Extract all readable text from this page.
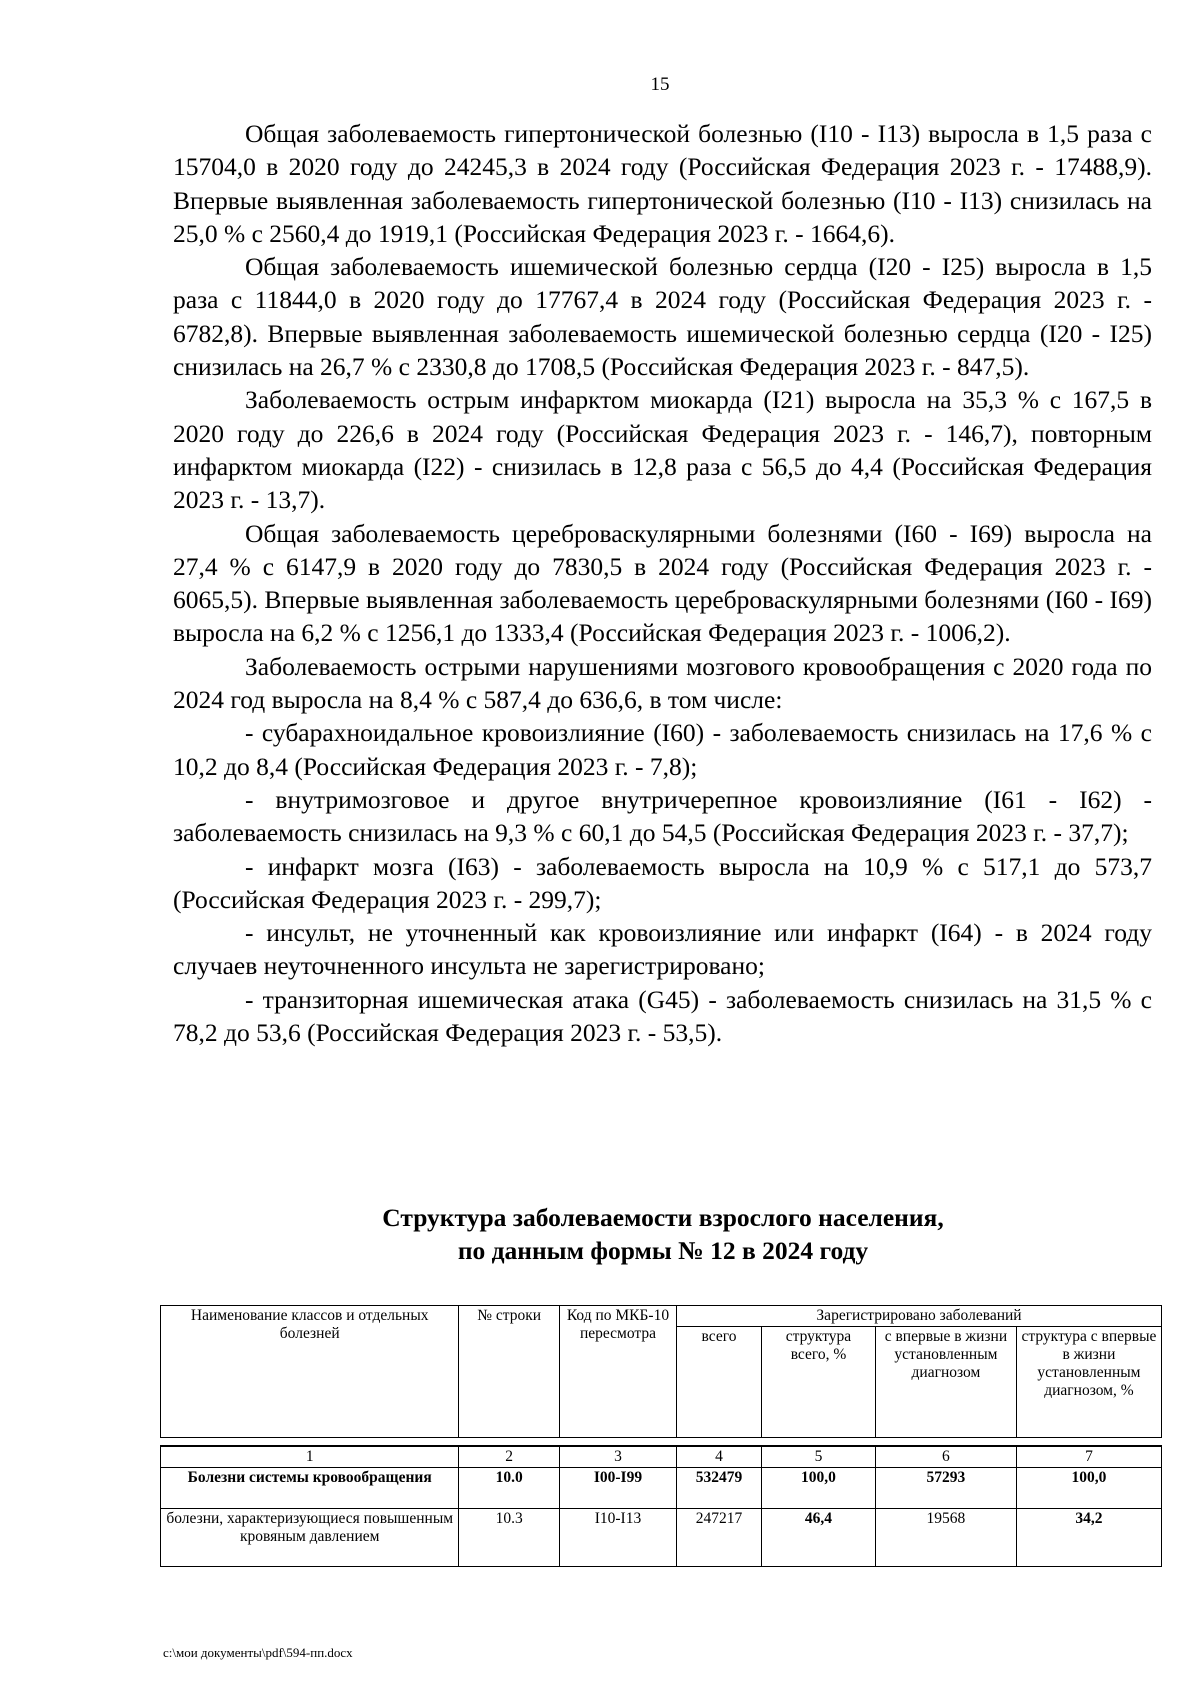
15

Общая заболеваемость гипертонической болезнью (I10 - I13) выросла в 1,5 раза с 15704,0 в 2020 году до 24245,3 в 2024 году (Российская Федерация 2023 г. - 17488,9). Впервые выявленная заболеваемость гипертонической болезнью (I10 - I13) снизилась на 25,0 % с 2560,4 до 1919,1 (Российская Федерация 2023 г. - 1664,6).

Общая заболеваемость ишемической болезнью сердца (I20 - I25) выросла в 1,5 раза с 11844,0 в 2020 году до 17767,4 в 2024 году (Российская Федерация 2023 г. - 6782,8). Впервые выявленная заболеваемость ишемической болезнью сердца (I20 - I25) снизилась на 26,7 % с 2330,8 до 1708,5 (Российская Федерация 2023 г. - 847,5).

Заболеваемость острым инфарктом миокарда (I21) выросла на 35,3 % с 167,5 в 2020 году до 226,6 в 2024 году (Российская Федерация 2023 г. - 146,7), повторным инфарктом миокарда (I22) - снизилась в 12,8 раза с 56,5 до 4,4 (Российская Федерация 2023 г. - 13,7).

Общая заболеваемость цереброваскулярными болезнями (I60 - I69) выросла на 27,4 % с 6147,9 в 2020 году до 7830,5 в 2024 году (Российская Федерация 2023 г. - 6065,5). Впервые выявленная заболеваемость цереброваскулярными болезнями (I60 - I69) выросла на 6,2 % с 1256,1 до 1333,4 (Российская Федерация 2023 г. - 1006,2).

Заболеваемость острыми нарушениями мозгового кровообращения с 2020 года по 2024 год выросла на 8,4 % с 587,4 до 636,6, в том числе:

- субарахноидальное кровоизлияние (I60) - заболеваемость снизилась на 17,6 % с 10,2 до 8,4 (Российская Федерация 2023 г. - 7,8);

- внутримозговое и другое внутричерепное кровоизлияние (I61 - I62) - заболеваемость снизилась на 9,3 % с 60,1 до 54,5 (Российская Федерация 2023 г. - 37,7);

- инфаркт мозга (I63) - заболеваемость выросла на 10,9 % с 517,1 до 573,7 (Российская Федерация 2023 г. - 299,7);

- инсульт, не уточненный как кровоизлияние или инфаркт (I64) - в 2024 году случаев неуточненного инсульта не зарегистрировано;

- транзиторная ишемическая атака (G45) - заболеваемость снизилась на 31,5 % с 78,2 до 53,6 (Российская Федерация 2023 г. - 53,5).

Структура заболеваемости взрослого населения,
по данным формы № 12 в 2024 году
Наименование классов и отдельных болезней	№ строки	Код по МКБ-10 пересмотра	Зарегистрировано заболеваний			
			всего	структура всего, %	с впервые в жизни установленным диагнозом	структура с впервые в жизни установленным диагнозом, %

1	2	3	4	5	6	7
Болезни системы кровообращения	10.0	I00-I99	532479	100,0	57293	100,0
болезни, характеризующиеся повышенным кровяным давлением	10.3	I10-I13	247217	46,4	19568	34,2
c:\мои документы\pdf\594-пп.docx
